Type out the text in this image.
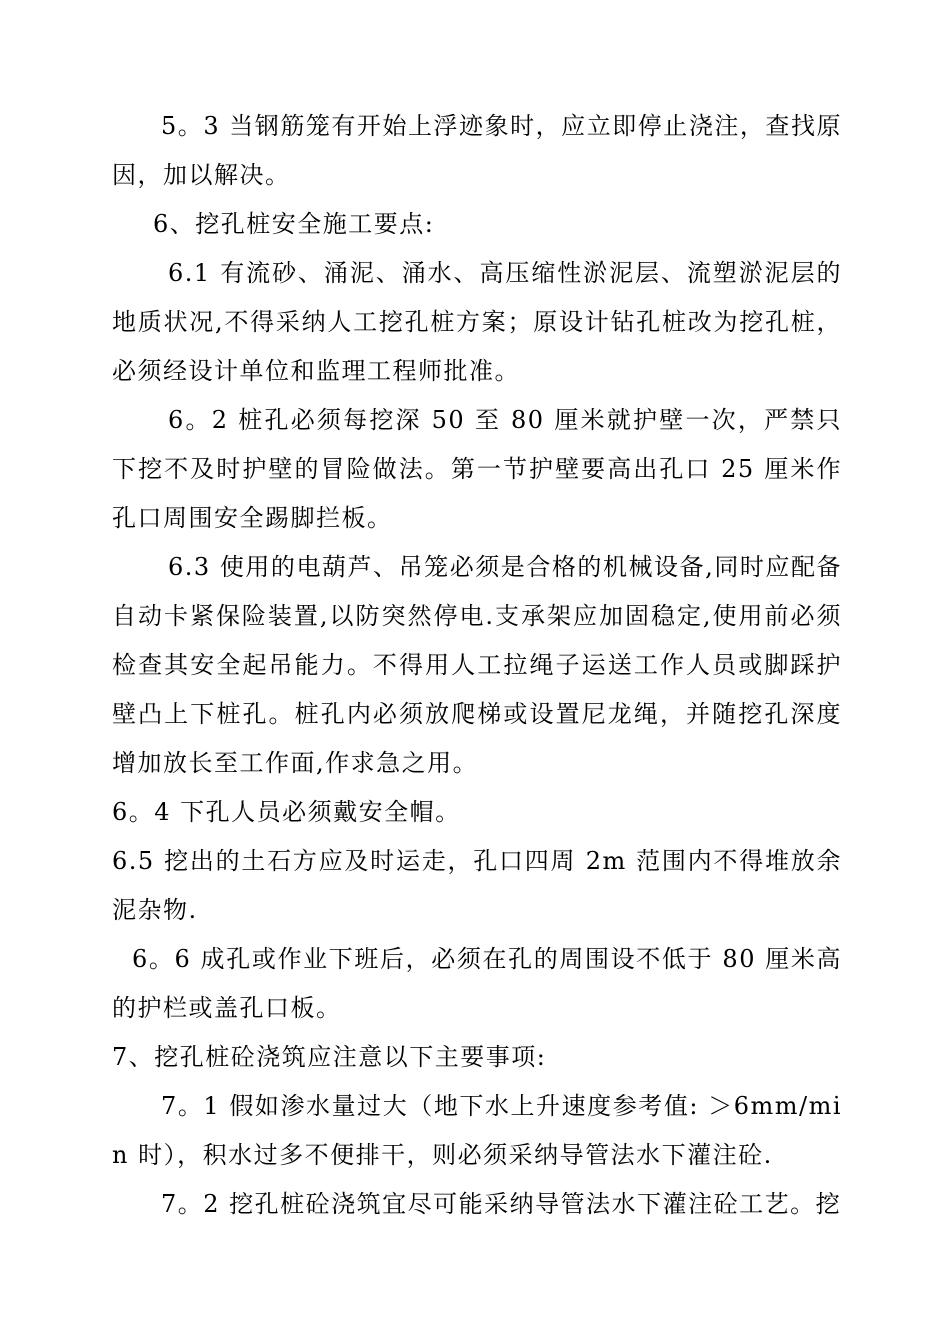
5。3 当钢筋笼有开始上浮迹象时，应立即停止浇注，查找原因，加以解决。

6、挖孔桩安全施工要点:

6.1 有流砂、涌泥、涌水、高压缩性淤泥层、流塑淤泥层的地质状况,不得采纳人工挖孔桩方案；原设计钻孔桩改为挖孔桩，必须经设计单位和监理工程师批准。

6。2 桩孔必须每挖深 50 至 80 厘米就护壁一次，严禁只下挖不及时护壁的冒险做法。第一节护壁要高出孔口 25 厘米作孔口周围安全踢脚拦板。

6.3 使用的电葫芦、吊笼必须是合格的机械设备,同时应配备自动卡紧保险装置,以防突然停电.支承架应加固稳定,使用前必须检查其安全起吊能力。不得用人工拉绳子运送工作人员或脚踩护壁凸上下桩孔。桩孔内必须放爬梯或设置尼龙绳，并随挖孔深度增加放长至工作面,作求急之用。

6。4 下孔人员必须戴安全帽。

6.5 挖出的土石方应及时运走，孔口四周 2m 范围内不得堆放余泥杂物.

6。6 成孔或作业下班后，必须在孔的周围设不低于 80 厘米高的护栏或盖孔口板。

7、挖孔桩砼浇筑应注意以下主要事项:

7。1 假如渗水量过大（地下水上升速度参考值: ＞6mm/min 时），积水过多不便排干，则必须采纳导管法水下灌注砼.

7。2 挖孔桩砼浇筑宜尽可能采纳导管法水下灌注砼工艺。挖
